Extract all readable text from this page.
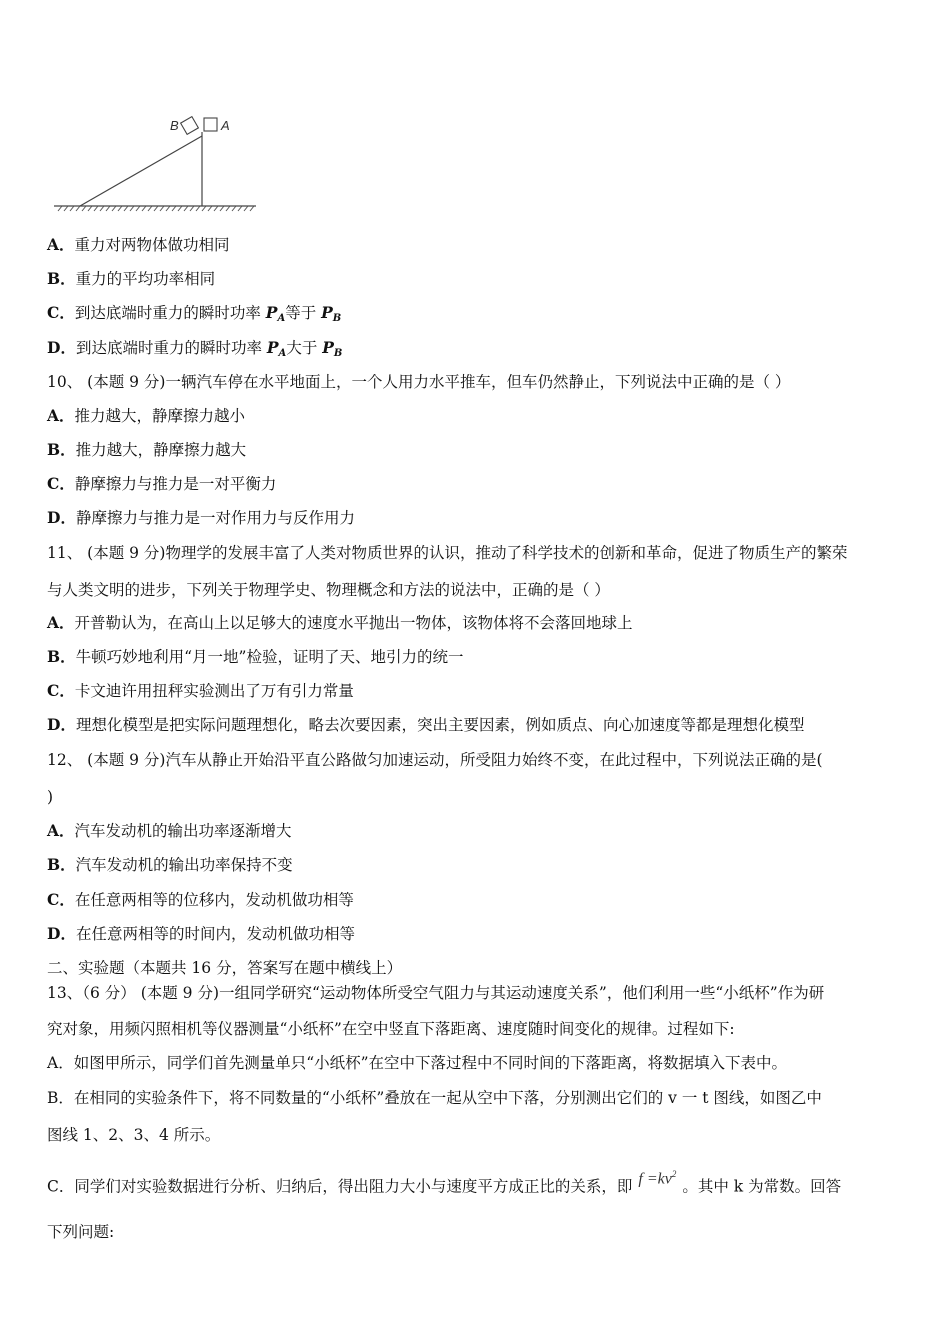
B	A
A．重力对两物体做功相同
B．重力的平均功率相同
C．到达底端时重力的瞬时功率 $P_A$等于 $P_B$
D．到达底端时重力的瞬时功率 $P_A$大于 $P_B$
10、 (本题 9 分)一辆汽车停在水平地面上，一个人用力水平推车，但车仍然静止，下列说法中正确的是（ ）
A．推力越大，静摩擦力越小
B．推力越大，静摩擦力越大
C．静摩擦力与推力是一对平衡力
D．静摩擦力与推力是一对作用力与反作用力
11、 (本题 9 分)物理学的发展丰富了人类对物质世界的认识，推动了科学技术的创新和革命，促进了物质生产的繁荣
与人类文明的进步，下列关于物理学史、物理概念和方法的说法中，正确的是（ ）
A．开普勒认为，在高山上以足够大的速度水平抛出一物体，该物体将不会落回地球上
B．牛顿巧妙地利用“月一地”检验，证明了天、地引力的统一
C．卡文迪许用扭秤实验测出了万有引力常量
D．理想化模型是把实际问题理想化，略去次要因素，突出主要因素，例如质点、向心加速度等都是理想化模型
12、 (本题 9 分)汽车从静止开始沿平直公路做匀加速运动，所受阻力始终不变，在此过程中，下列说法正确的是(
)
A．汽车发动机的输出功率逐渐增大
B．汽车发动机的输出功率保持不变
C．在任意两相等的位移内，发动机做功相等
D．在任意两相等的时间内，发动机做功相等
二、实验题（本题共 16 分，答案写在题中横线上）
13、（6 分） (本题 9 分)一组同学研究“运动物体所受空气阻力与其运动速度关系”，他们利用一些“小纸杯”作为研
究对象，用频闪照相机等仪器测量“小纸杯”在空中竖直下落距离、速度随时间变化的规律。过程如下:
A．如图甲所示，同学们首先测量单只“小纸杯”在空中下落过程中不同时间的下落距离，将数据填入下表中。
B．在相同的实验条件下，将不同数量的“小纸杯”叠放在一起从空中下落，分别测出它们的 v 一 t 图线，如图乙中
图线 1、2、3、4 所示。
C．同学们对实验数据进行分析、归纳后，得出阻力大小与速度平方成正比的关系，即 $f =kv^2$。其中 k 为常数。回答
下列问题:
